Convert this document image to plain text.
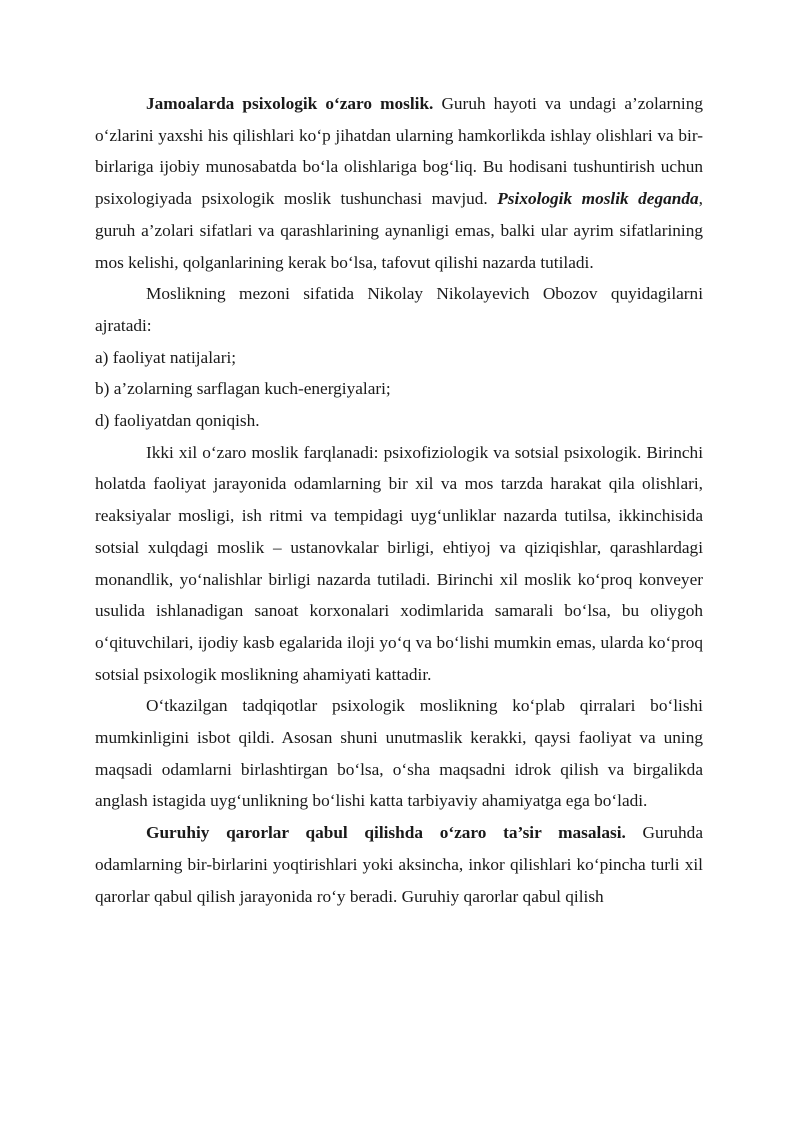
Jamoalarda psixologik o‘zaro moslik. Guruh hayoti va undagi a’zolarning o‘zlarini yaxshi his qilishlari ko‘p jihatdan ularning hamkorlikda ishlay olishlari va bir-birlariga ijobiy munosabatda bo‘la olishlariga bog‘liq. Bu hodisani tushuntirish uchun psixologiyada psixologik moslik tushunchasi mavjud. Psixologik moslik deganda, guruh a’zolari sifatlari va qarashlarining aynanligi emas, balki ular ayrim sifatlarining mos kelishi, qolganlarining kerak bo‘lsa, tafovut qilishi nazarda tutiladi.

Moslikning mezoni sifatida Nikolay Nikolayevich Obozov quyidagilarni ajratadi:

a) faoliyat natijalari;

b) a’zolarning sarflagan kuch-energiyalari;

d) faoliyatdan qoniqish.

Ikki xil o‘zaro moslik farqlanadi: psixofiziologik va sotsial psixologik. Birinchi holatda faoliyat jarayonida odamlarning bir xil va mos tarzda harakat qila olishlari, reaksiyalar mosligi, ish ritmi va tempidagi uyg‘unliklar nazarda tutilsa, ikkinchisida sotsial xulqdagi moslik – ustanovkalar birligi, ehtiyoj va qiziqishlar, qarashlardagi monandlik, yo‘nalishlar birligi nazarda tutiladi. Birinchi xil moslik ko‘proq konveyer usulida ishlanadigan sanoat korxonalari xodimlarida samarali bo‘lsa, bu oliygoh o‘qituvchilari, ijodiy kasb egalarida iloji yo‘q va bo‘lishi mumkin emas, ularda ko‘proq sotsial psixologik moslikning ahamiyati kattadir.

O‘tkazilgan tadqiqotlar psixologik moslikning ko‘plab qirralari bo‘lishi mumkinligini isbot qildi. Asosan shuni unutmaslik kerakki, qaysi faoliyat va uning maqsadi odamlarni birlashtirgan bo‘lsa, o‘sha maqsadni idrok qilish va birgalikda anglash istagida uyg‘unlikning bo‘lishi katta tarbiyaviy ahamiyatga ega bo‘ladi.

Guruhiy qarorlar qabul qilishda o‘zaro ta’sir masalasi. Guruhda odamlarning bir-birlarini yoqtirishlari yoki aksincha, inkor qilishlari ko‘pincha turli xil qarorlar qabul qilish jarayonida ro‘y beradi. Guruhiy qarorlar qabul qilish
